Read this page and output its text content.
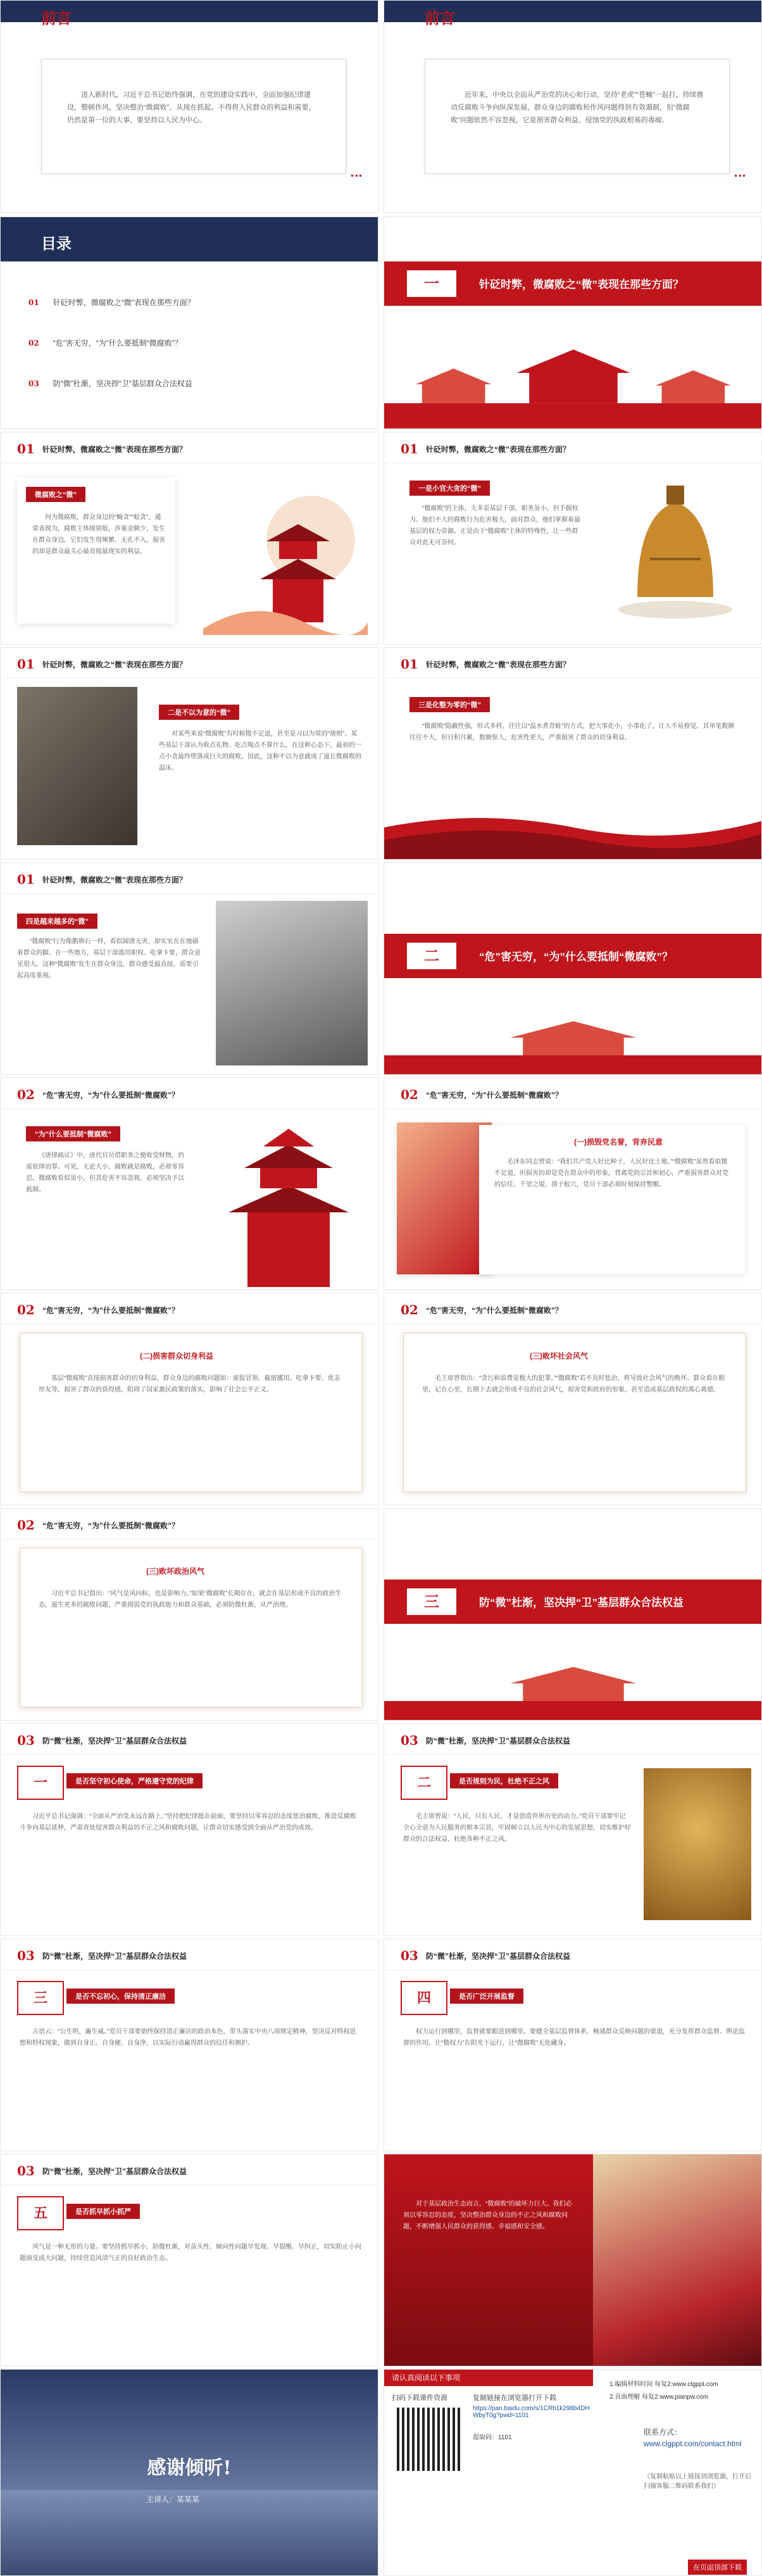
前言
进入新时代，习近平总书记始终强调，在党的建设实践中，全面加强纪律建设，整顿作风，坚决整治“微腐败”，从现在抓起。不得将人民群众的利益和需要，仍然是第一位的大事，要坚持以人民为中心。
前言
近年来，中央以全面从严治党的决心和行动，坚持“老虎”“苍蝇”一起打，持续推动反腐败斗争向纵深发展，群众身边的腐败和作风问题得到有效遏制，但“微腐败”问题依然不容忽视，它是损害群众利益、侵蚀党的执政根基的毒瘤。
目录
01 针砭时弊，微腐败之“微”表现在那些方面？
02 “危”害无穷，“为”什么要抵制“微腐败”？
03 防“微”杜渐，坚决捍“卫”基层群众合法权益
一	针砭时弊，微腐败之“微”表现在那些方面？
01 针砭时弊，微腐败之“微”表现在那些方面？
微腐败之“微”
何为微腐败，群众身边的“蝇贪”“蚁贪”，通常表现为，腐败主体级别低，涉案金额少，发生在群众身边。它们发生得频繁、无孔不入，损害的却是群众最关心最直接最现实的利益。
01 针砭时弊，微腐败之“微”表现在那些方面？
一是小官大贪的“微”
“微腐败”的主体，大多是基层干部，职务虽小，但手握权力。他们不大的腐败行为危害极大，面对群众，他们掌握着最基层的权力资源。正是由于“微腐败”主体的特殊性，让一些群众对此无可奈何。
01 针砭时弊，微腐败之“微”表现在那些方面？
二是不以为意的“微”
对某些来说“微腐败”有时候微不足道，甚至是习以为常的“规则”。某些基层干部认为收点礼物、吃点喝点不算什么，在这种心态下，最初的一点小贪最终堕落成巨大的腐败。因此，这种不以为意就成了滋长微腐败的温床。
01 针砭时弊，微腐败之“微”表现在那些方面？
三是化整为零的“微”
“微腐败”隐蔽性强，形式多样，往往以“温水煮青蛙”的方式，把大事化小，小事化了，让人不易察觉。其单笔数额往往不大，但日积月累，数额惊人，危害性更大，严重损害了群众的切身利益。
01 针砭时弊，微腐败之“微”表现在那些方面？
四是越来越多的“微”
“微腐败”行为像鹅卵石一样，看似圆滑无害，却实实在在地硌着群众的脚。在一些地方，基层干部滥用职权、吃拿卡要，群众意见很大。这种“微腐败”发生在群众身边，群众感受最直接，需要引起高度重视。
二	“危”害无穷，“为”什么要抵制“微腐败”？
02 “危”害无穷，“为”什么要抵制“微腐败”？
“为”什么要抵制“微腐败”
《唐律疏议》中，唐代官员借职务之便收受财物，仍需依律治罪。可见，无论大小，腐败就是腐败，必须零容忍。微腐败看似虽小，但其危害不容忽视，必须坚决予以抵制。
02 “危”害无穷，“为”什么要抵制“微腐败”？
(一)损毁党名誉，背弃民意
毛泽东同志曾说：“我们共产党人好比种子，人民好比土地。”“微腐败”虽然看似微不足道，但损害的却是党在群众中的形象，背离党的宗旨和初心，严重损害群众对党的信任。千里之堤，溃于蚁穴，党员干部必须时刻保持警醒。
02 “危”害无穷，“为”什么要抵制“微腐败”？
(二)损害群众切身利益
基层“微腐败”直接损害群众的切身利益，群众身边的腐败问题如：虚报冒领、截留挪用、吃拿卡要、优亲厚友等，损害了群众的获得感，阻碍了国家惠民政策的落实，影响了社会公平正义。
02 “危”害无穷，“为”什么要抵制“微腐败”？
(三)败坏社会风气
毛主席曾指出：“贪污和浪费是极大的犯罪。”“微腐败”若不及时惩治，将导致社会风气的败坏。群众看在眼里，记在心里，长期下去就会形成不良的社会风气，损害党和政府的形象，甚至造成基层政权的离心离德。
02 “危”害无穷，“为”什么要抵制“微腐败”？
(三)败坏政治风气
习近平总书记指出：“风气是风向标，也是影响力。”如果“微腐败”长期存在，就会在基层形成不良的政治生态，滋生更多的腐败问题，严重削弱党的执政能力和群众基础，必须防微杜渐，从严治理。	三	防“微”杜渐，坚决捍“卫”基层群众合法权益
03 防“微”杜渐，坚决捍“卫”基层群众合法权益
一	是否坚守初心使命，严格遵守党的纪律
习近平总书记强调：“全面从严治党永远在路上。”坚持把纪律挺在前面，要坚持以零容忍的态度惩治腐败，推进反腐败斗争向基层延伸，严肃查处侵害群众利益的不正之风和腐败问题，让群众切实感受到全面从严治党的成效。
03 防“微”杜渐，坚决捍“卫”基层群众合法权益
二	是否规则为民，杜绝不正之风
毛主席曾说：“人民，只有人民，才是创造世界历史的动力。”党员干部要牢记全心全意为人民服务的根本宗旨，牢固树立以人民为中心的发展思想，切实维护好群众的合法权益，杜绝各种不正之风。
03 防“微”杜渐，坚决捍“卫”基层群众合法权益
三	是否不忘初心，保持清正廉洁
古语云：“公生明，廉生威。”党员干部要始终保持清正廉洁的政治本色，带头落实中央八项规定精神，坚决反对特权思想和特权现象，做到自身正、自身硬、自身净，以实际行动赢得群众的信任和拥护。
03 防“微”杜渐，坚决捍“卫”基层群众合法权益
四	是否广泛开展监督
权力运行到哪里，监督就要跟进到哪里。要健全基层监督体系，畅通群众反映问题的渠道，充分发挥群众监督、舆论监督的作用，让“微权力”在阳光下运行，让“微腐败”无处藏身。
03 防“微”杜渐，坚决捍“卫”基层群众合法权益
五	是否抓早抓小抓严
风气是一种无形的力量。要坚持抓早抓小，防微杜渐，对苗头性、倾向性问题早发现、早提醒、早纠正，切实防止小问题演变成大问题，持续营造风清气正的良好政治生态。
对于基层政治生态而言，“微腐败”的破坏力巨大。我们必须以零容忍的态度，坚决整治群众身边的不正之风和腐败问题，不断增强人民群众的获得感、幸福感和安全感。
感谢倾听!
主讲人：某某某
请认真阅读以下事项
扫码下载课件资源	复制链接在浏览器打开下载
https://pan.baidu.com/s/1CRh1k298b4DHWbyT0g?pwd=1101
提取码：1101
1.编辑材料时间 每复2:www.clgppt.com
2.直面理解 每复2:www.pianpw.com
联系方式：
www.clgppt.com/contact.html
（复制粘贴以上链接到浏览器，打开后扫描客服二维码联系我们）
在页面顶部下载
